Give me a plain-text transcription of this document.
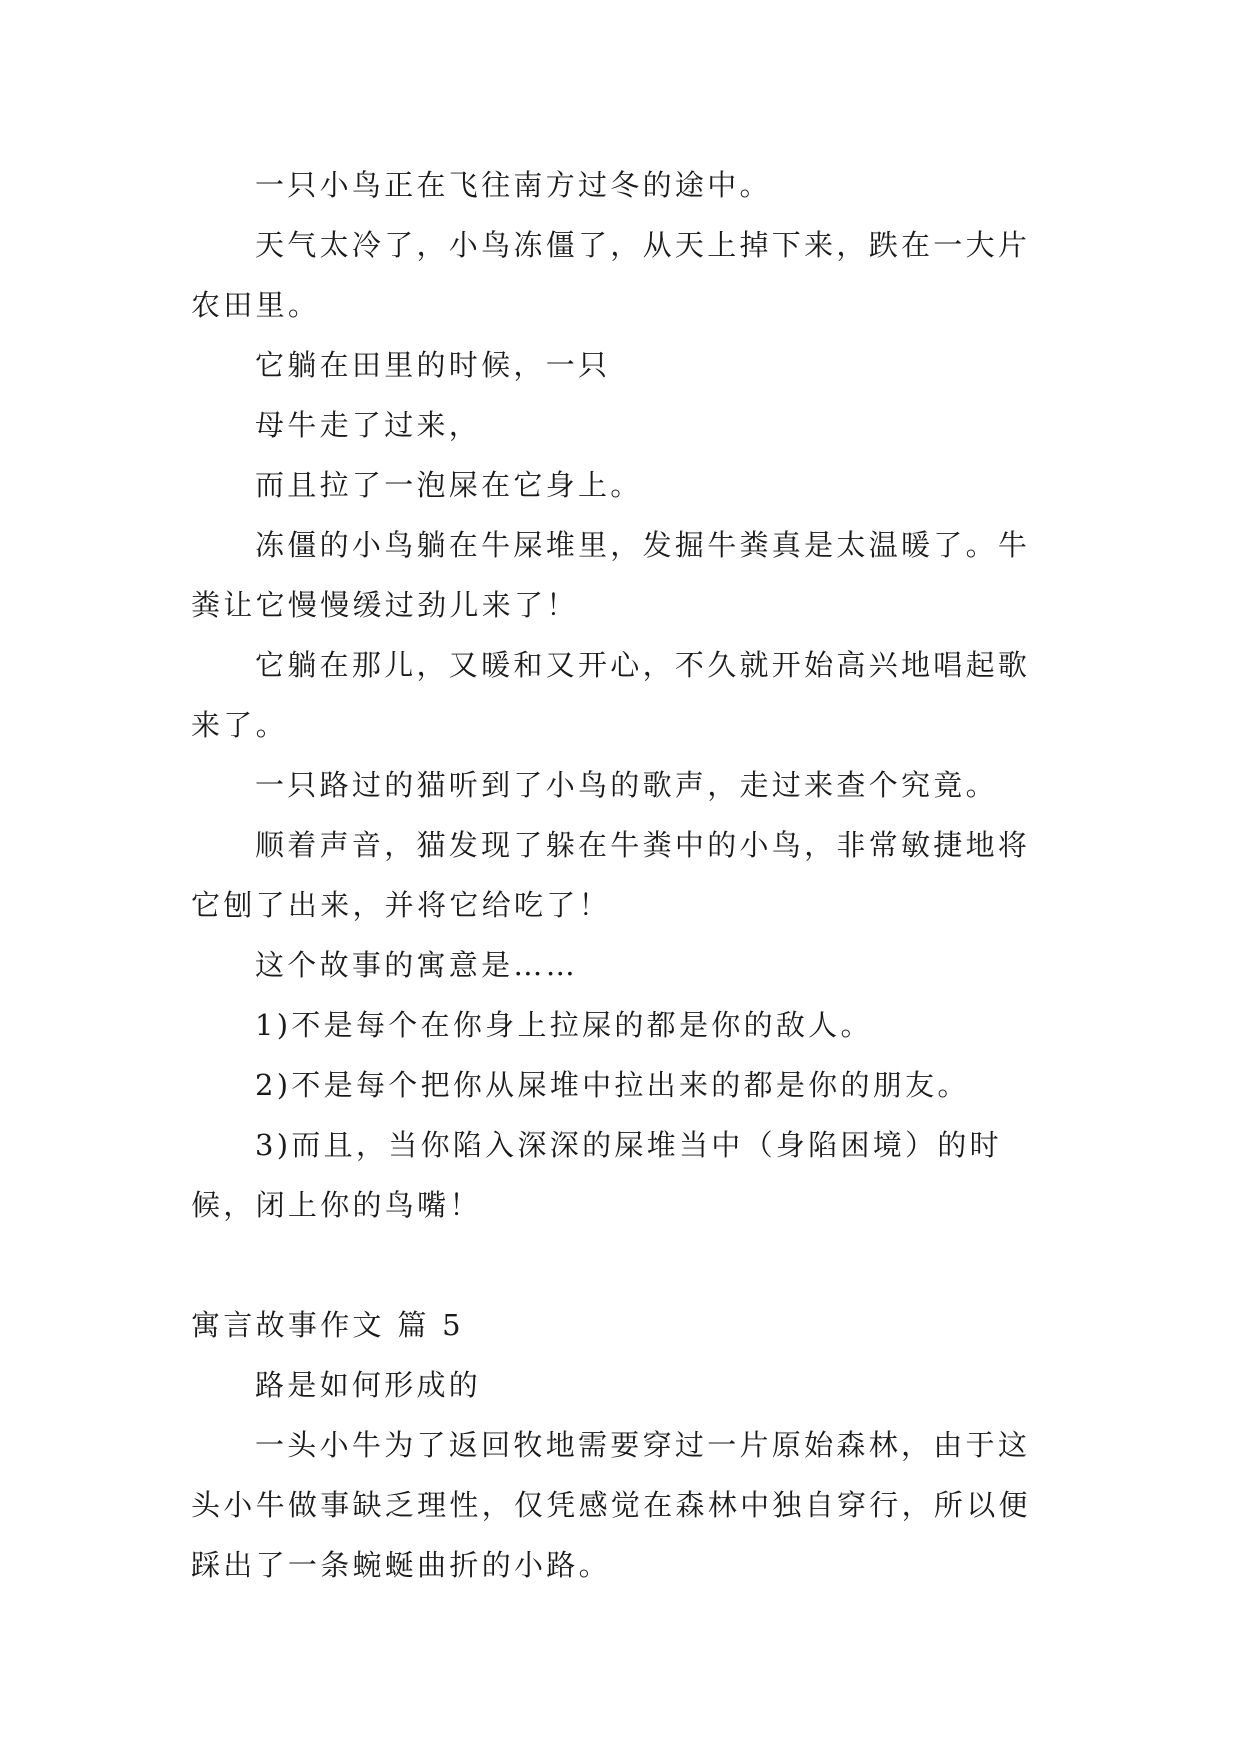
一只小鸟正在飞往南方过冬的途中。

天气太冷了，小鸟冻僵了，从天上掉下来，跌在一大片农田里。

它躺在田里的时候，一只

母牛走了过来，

而且拉了一泡屎在它身上。

冻僵的小鸟躺在牛屎堆里，发掘牛粪真是太温暖了。牛粪让它慢慢缓过劲儿来了！

它躺在那儿，又暖和又开心，不久就开始高兴地唱起歌来了。

一只路过的猫听到了小鸟的歌声，走过来查个究竟。

顺着声音，猫发现了躲在牛粪中的小鸟，非常敏捷地将它刨了出来，并将它给吃了！

这个故事的寓意是……

1)不是每个在你身上拉屎的都是你的敌人。

2)不是每个把你从屎堆中拉出来的都是你的朋友。

3)而且，当你陷入深深的屎堆当中（身陷困境）的时候，闭上你的鸟嘴！

寓言故事作文 篇 5

路是如何形成的

一头小牛为了返回牧地需要穿过一片原始森林，由于这头小牛做事缺乏理性，仅凭感觉在森林中独自穿行，所以便踩出了一条蜿蜒曲折的小路。
